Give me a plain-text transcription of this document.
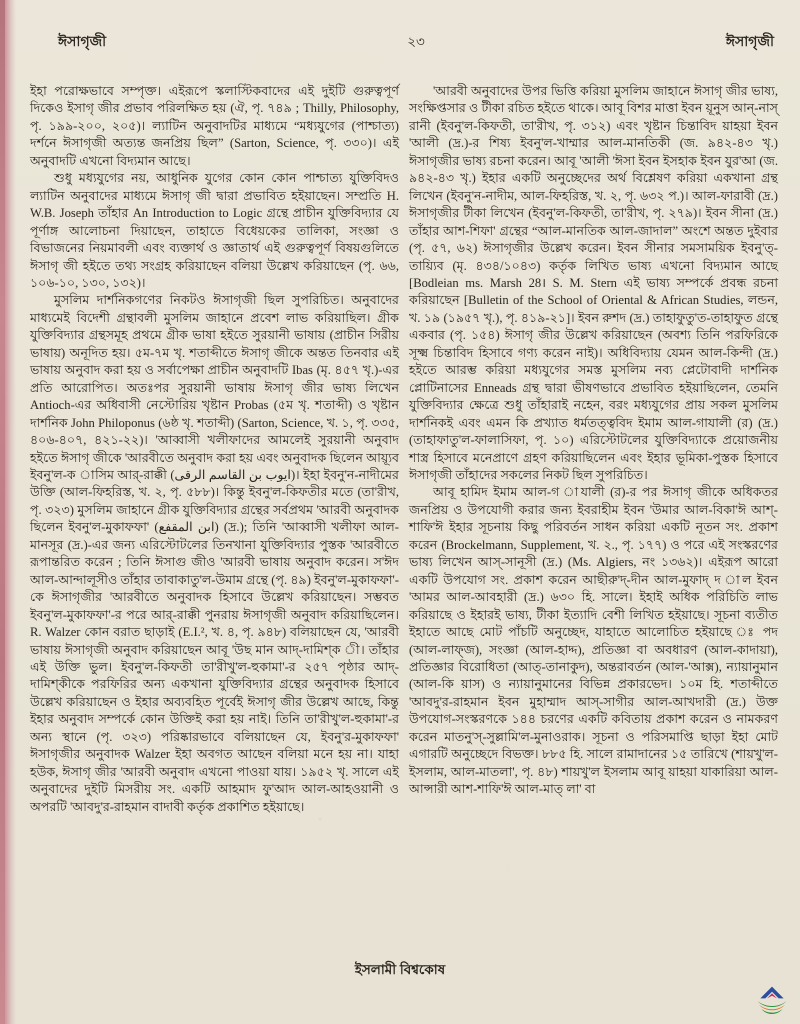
ঈসাগৃজী	২৩	ঈসাগৃজী

ইহা পরোক্ষভাবে সম্পৃক্ত। এইরূপে স্কলাস্টিকবাদের এই দুইটি গুরুত্বপূর্ণ দিকেও ইসাগৃ জীর প্রভাব পরিলক্ষিত হয় (ঐ, পৃ. ৭৪৯ ; Thilly, Philosophy, পৃ. ১৯৯-২০০, ২০৫)। ল্যাটিন অনুবাদটির মাধ্যমে “মধ্যযুগের (পাশ্চাত্য) দর্শনে ঈসাগৃজী অত্যন্ত জনপ্রিয় ছিল” (Sarton, Science, পৃ. ৩৩০)। এই অনুবাদটি এখনো বিদ্যমান আছে।

শুধু মধ্যযুগের নয়, আধুনিক যুগের কোন কোন পাশ্চাত্য যুক্তিবিদও ল্যাটিন অনুবাদের মাধ্যমে ঈসাগৃ জী দ্বারা প্রভাবিত হইয়াছেন। সম্প্রতি H. W.B. Joseph তাঁহার An Introduction to Logic গ্রন্থে প্রাচীন যুক্তিবিদ্যার যে পূর্ণাঙ্গ আলোচনা দিয়াছেন, তাহাতে বিধেয়কের তালিকা, সংজ্ঞা ও বিভাজনের নিয়মাবলী এবং ব্যক্তার্থ ও জ্ঞাতার্থ এই গুরুত্বপূর্ণ বিষয়গুলিতে ঈসাগৃ জী হইতে তথ্য সংগ্রহ করিয়াছেন বলিয়া উল্লেখ করিয়াছেন (পৃ. ৬৬, ১০৬-১০, ১৩০, ১৩২)।

মুসলিম দার্শনিকগণের নিকটও ঈসাগৃজী ছিল সুপরিচিত। অনুবাদের মাধ্যমেই বিদেশী গ্রন্থাবলী মুসলিম জাহানে প্রবেশ লাভ করিয়াছিল। গ্রীক যুক্তিবিদ্যার গ্রন্থসমূহ প্রথমে গ্রীক ভাষা হইতে সুরয়ানী ভাষায় (প্রাচীন সিরীয় ভাষায়) অনূদিত হয়। ৫ম-৭ম খৃ. শতাব্দীতে ঈসাগৃ জীকে অন্তত তিনবার এই ভাষায় অনুবাদ করা হয় ও সর্বাপেক্ষা প্রাচীন অনুবাদটি Ibas (মৃ. ৪৫৭ খৃ.)-এর প্রতি আরোপিত। অতঃপর সুরয়ানী ভাষায় ঈসাগৃ জীর ভাষ্য লিখেন Antioch-এর অধিবাসী নেস্টোরিয় খৃষ্টান Probas (৫ম খৃ. শতাব্দী) ও খৃষ্টান দার্শনিক John Philoponus (৬ষ্ঠ খৃ. শতাব্দী) (Sarton, Science, খ. ১, পৃ. ৩৩৫, ৪০৬-৪০৭, ৪২১-২২)। 'আব্বাসী খলীফাদের আমলেই সুরয়ানী অনুবাদ হইতে ঈসাগৃ জীকে 'আরবীতে অনুবাদ করা হয় এবং অনুবাদক ছিলেন আয়্যূব ইবনু'ল-ক াসিম আর্-রাক্কী (ايوب بن القاسم الرقى)। ইহা ইবনু'ন-নাদীমের উক্তি (আল-ফিহরিস্ত, খ. ২, পৃ. ৫৮৮)। কিন্তু ইবনু'ল-কিফতীর মতে (তা'রীখ, পৃ. ৩২৩) মুসলিম জাহানে গ্রীক যুক্তিবিদ্যার গ্রন্থের সর্বপ্রথম 'আরবী অনুবাদক ছিলেন ইবনু'ল-মুকাফফা' (ابن المقفع) (দ্র.); তিনি 'আব্বাসী খলীফা আল-মানসূর (দ্র.)-এর জন্য এরিস্টোটলের তিনখানা যুক্তিবিদ্যার পুস্তক 'আরবীতে রূপান্তরিত করেন ; তিনি ঈসাগু জীও 'আরবী ভাষায় অনুবাদ করেন। স'ঈদ আল-আন্দালূসীও তাঁহার তাবাকাতু'ল-উমাম গ্রন্থে (পৃ. ৪৯) ইবনু'ল-মুকাফফা'-কে ঈসাগৃজীর 'আরবীতে অনুবাদক হিসাবে উল্লেখ করিয়াছেন। সম্ভবত ইবনু'ল-মুকাফফা'-র পরে আর্-রাক্কী পুনরায় ঈসাগৃজী অনুবাদ করিয়াছিলেন। R. Walzer কোন বরাত ছাড়াই (E.I.², খ. ৪, পৃ. ৯৪৮) বলিয়াছেন যে, 'আরবী ভাষায় ঈসাগৃজী অনুবাদ করিয়াছেন আবূ 'উছ মান আদ্-দামিশ্ক ী। তাঁহার এই উক্তি ভুল। ইবনু'ল-কিফতী তা'রীখু'ল-হুকামা'-র ২৫৭ পৃষ্ঠার আদ্-দামিশ্কীকে পরফিরির অন্য একখানা যুক্তিবিদ্যার গ্রন্থের অনুবাদক হিসাবে উল্লেখ করিয়াছেন ও ইহার অব্যবহিত পূর্বেই ঈসাগৃ জীর উল্লেখ আছে, কিন্তু ইহার অনুবাদ সম্পর্কে কোন উক্তিই করা হয় নাই। তিনি তা'রীখু'ল-হুকামা'-র অন্য স্থানে (পৃ. ৩২৩) পরিষ্কারভাবে বলিয়াছেন যে, ইবনু'র-মুকাফফা' ঈসাগৃজীর অনুবাদক Walzer ইহা অবগত আছেন বলিয়া মনে হয় না। যাহা হউক, ঈসাগৃ জীর 'আরবী অনুবাদ এখনো পাওয়া যায়। ১৯৫২ খৃ. সালে এই অনুবাদের দুইটি মিসরীয় সং. একটি আহমাদ ফু'আদ আল-আহওয়ানী ও অপরটি 'আবদু'র-রাহমান বাদাবী কর্তৃক প্রকাশিত হইয়াছে।

'আরবী অনুবাদের উপর ভিত্তি করিয়া মুসলিম জাহানে ঈসাগৃ জীর ভাষ্য, সংক্ষিপ্তসার ও টীকা রচিত হইতে থাকে। আবূ বিশর মাত্তা ইবন য়ূনুস আন্-নাস্ রানী (ইবনু'ল-কিফতী, তা'রীখ, পৃ. ৩১২) এবং খৃষ্টান চিন্তাবিদ য়াহয়া ইবন 'আলী (দ্র.)-র শিষ্য ইবনু'ল-খাম্মার আল-মানতিকী (জ. ৯৪২-৪৩ খৃ.) ঈসাগৃজীর ভাষ্য রচনা করেন। আবূ 'আলী 'ঈসা ইবন ইসহাক ইবন যুর'আ (জ. ৯৪২-৪৩ খৃ.) ইহার একটি অনুচ্ছেদের অর্থ বিশ্লেষণ করিয়া একখানা গ্রন্থ লিখেন (ইবনু'ন-নাদীম, আল-ফিহরিস্ত, খ. ২, পৃ. ৬৩২ প.)। আল-ফারাবী (দ্র.) ঈসাগৃজীর টীকা লিখেন (ইবনু'ল-কিফতী, তা'রীখ, পৃ. ২৭৯)। ইবন সীনা (দ্র.) তাঁহার আশ-শিফা' গ্রন্থের “আল-মানতিক আল-জাদাল” অংশে অন্তত দুইবার (পৃ. ৫৭, ৬২) ঈসাগৃজীর উল্লেখ করেন। ইবন সীনার সমসাময়িক ইবনু'ত্-তায়্যিব (মৃ. ৪৩৪/১০৪৩) কর্তৃক লিখিত ভাষ্য এখনো বিদ্যমান আছে [Bodleian ms. Marsh 28। S. M. Stern এই ভাষ্য সম্পর্কে প্রবন্ধ রচনা করিয়াছেন [Bulletin of the School of Oriental & African Studies, লন্ডন, খ. ১৯ (১৯৫৭ খৃ.), পৃ. ৪১৯-২১]। ইবন রুশদ (দ্র.) তাহাফুতু'ত-তাহাফুত গ্রন্থে একবার (পৃ. ১৫৪) ঈসাগৃ জীর উল্লেখ করিয়াছেন (অবশ্য তিনি পরফিরিকে সূক্ষ্ম চিন্তাবিদ হিসাবে গণ্য করেন নাই)। অধিবিদ্যায় যেমন আল-কিন্দী (দ্র.) হইতে আরম্ভ করিয়া মধ্যযুগের সমস্ত মুসলিম নব্য প্লেটোবাদী দার্শনিক প্লোটিনাসের Enneads গ্রন্থ দ্বারা ভীষণভাবে প্রভাবিত হইয়াছিলেন, তেমনি যুক্তিবিদ্যার ক্ষেত্রে শুধু তাঁহারাই নহেন, বরং মধ্যযুগের প্রায় সকল মুসলিম দার্শনিকই এবং এমন কি প্রখ্যাত ধর্মতত্ত্ববিদ ইমাম আল-গাযালী (র) (দ্র.) (তাহাফাতু'ল-ফালাসিফা, পৃ. ১০) এরিস্টোটলের যুক্তিবিদ্যাকে প্রয়োজনীয় শাস্ত্র হিসাবে মনেপ্রাণে গ্রহণ করিয়াছিলেন এবং ইহার ভূমিকা-পুস্তক হিসাবে ঈসাগৃজী তাঁহাদের সকলের নিকট ছিল সুপরিচিত।

আবূ হামিদ ইমাম আল-গ াযালী (র)-র পর ঈসাগৃ জীকে অধিকতর জনপ্রিয় ও উপযোগী করার জন্য ইবরাহীম ইবন 'উমার আল-বিকা'ঈ আশ্-শাফি'ঈ ইহার সূচনায় কিছু পরিবর্তন সাধন করিয়া একটি নূতন সং. প্রকাশ করেন (Brockelmann, Supplement, খ. ২., পৃ. ১৭৭) ও পরে এই সংস্করণের ভাষ্য লিখেন আস্-সানূসী (দ্র.) (Ms. Algiers, নং ১৩৬২)। এইরূপ আরো একটি উপযোগ সং. প্রকাশ করেন আছীরু'দ্-দীন আল-মুফাদ্ দ াল ইবন 'আমর আল-আবহারী (দ্র.) ৬৩০ হি. সালে। ইহাই অধিক পরিচিতি লাভ করিয়াছে ও ইহারই ভাষ্য, টীকা ইত্যাদি বেশী লিখিত হইয়াছে। সূচনা ব্যতীত ইহাতে আছে মোট পাঁচটি অনুচ্ছেদ, যাহাতে আলোচিত হইয়াছে ঃ পদ (আল-লাফ্জ), সংজ্ঞা (আল-হাদ্দ), প্রতিজ্ঞা বা অবধারণ (আল-কাদায়া), প্রতিজ্ঞার বিরোধিতা (আত্-তানাকুদ), অন্তরাবর্তন (আল-'আক্স), ন্যায়ানুমান (আল-কি য়াস) ও ন্যায়ানুমানের বিভিন্ন প্রকারভেদ। ১০ম হি. শতাব্দীতে 'আবদু'র-রাহমান ইবন মুহাম্মাদ আস্-সাগীর আল-আখদারী (দ্র.) উক্ত উপযোগ-সংস্করণকে ১৪৪ চরণের একটি কবিতায় প্রকাশ করেন ও নামকরণ করেন মাতনু'স্-সুল্লামি'ল-মুনাওরাক। সূচনা ও পরিসমাপ্তি ছাড়া ইহা মোট এগারটি অনুচ্ছেদে বিভক্ত। ৮৮৫ হি. সালে রামাদানের ১৫ তারিখে (শায়খু'ল-ইসলাম, আল-মাতলা', পৃ. ৪৮) শায়খু'ল ইসলাম আবূ য়াহয়া যাকারিয়া আল-আন্সারী আশ-শাফি'ঈ আল-মাত্ লা' বা

ইসলামী বিশ্বকোষ
